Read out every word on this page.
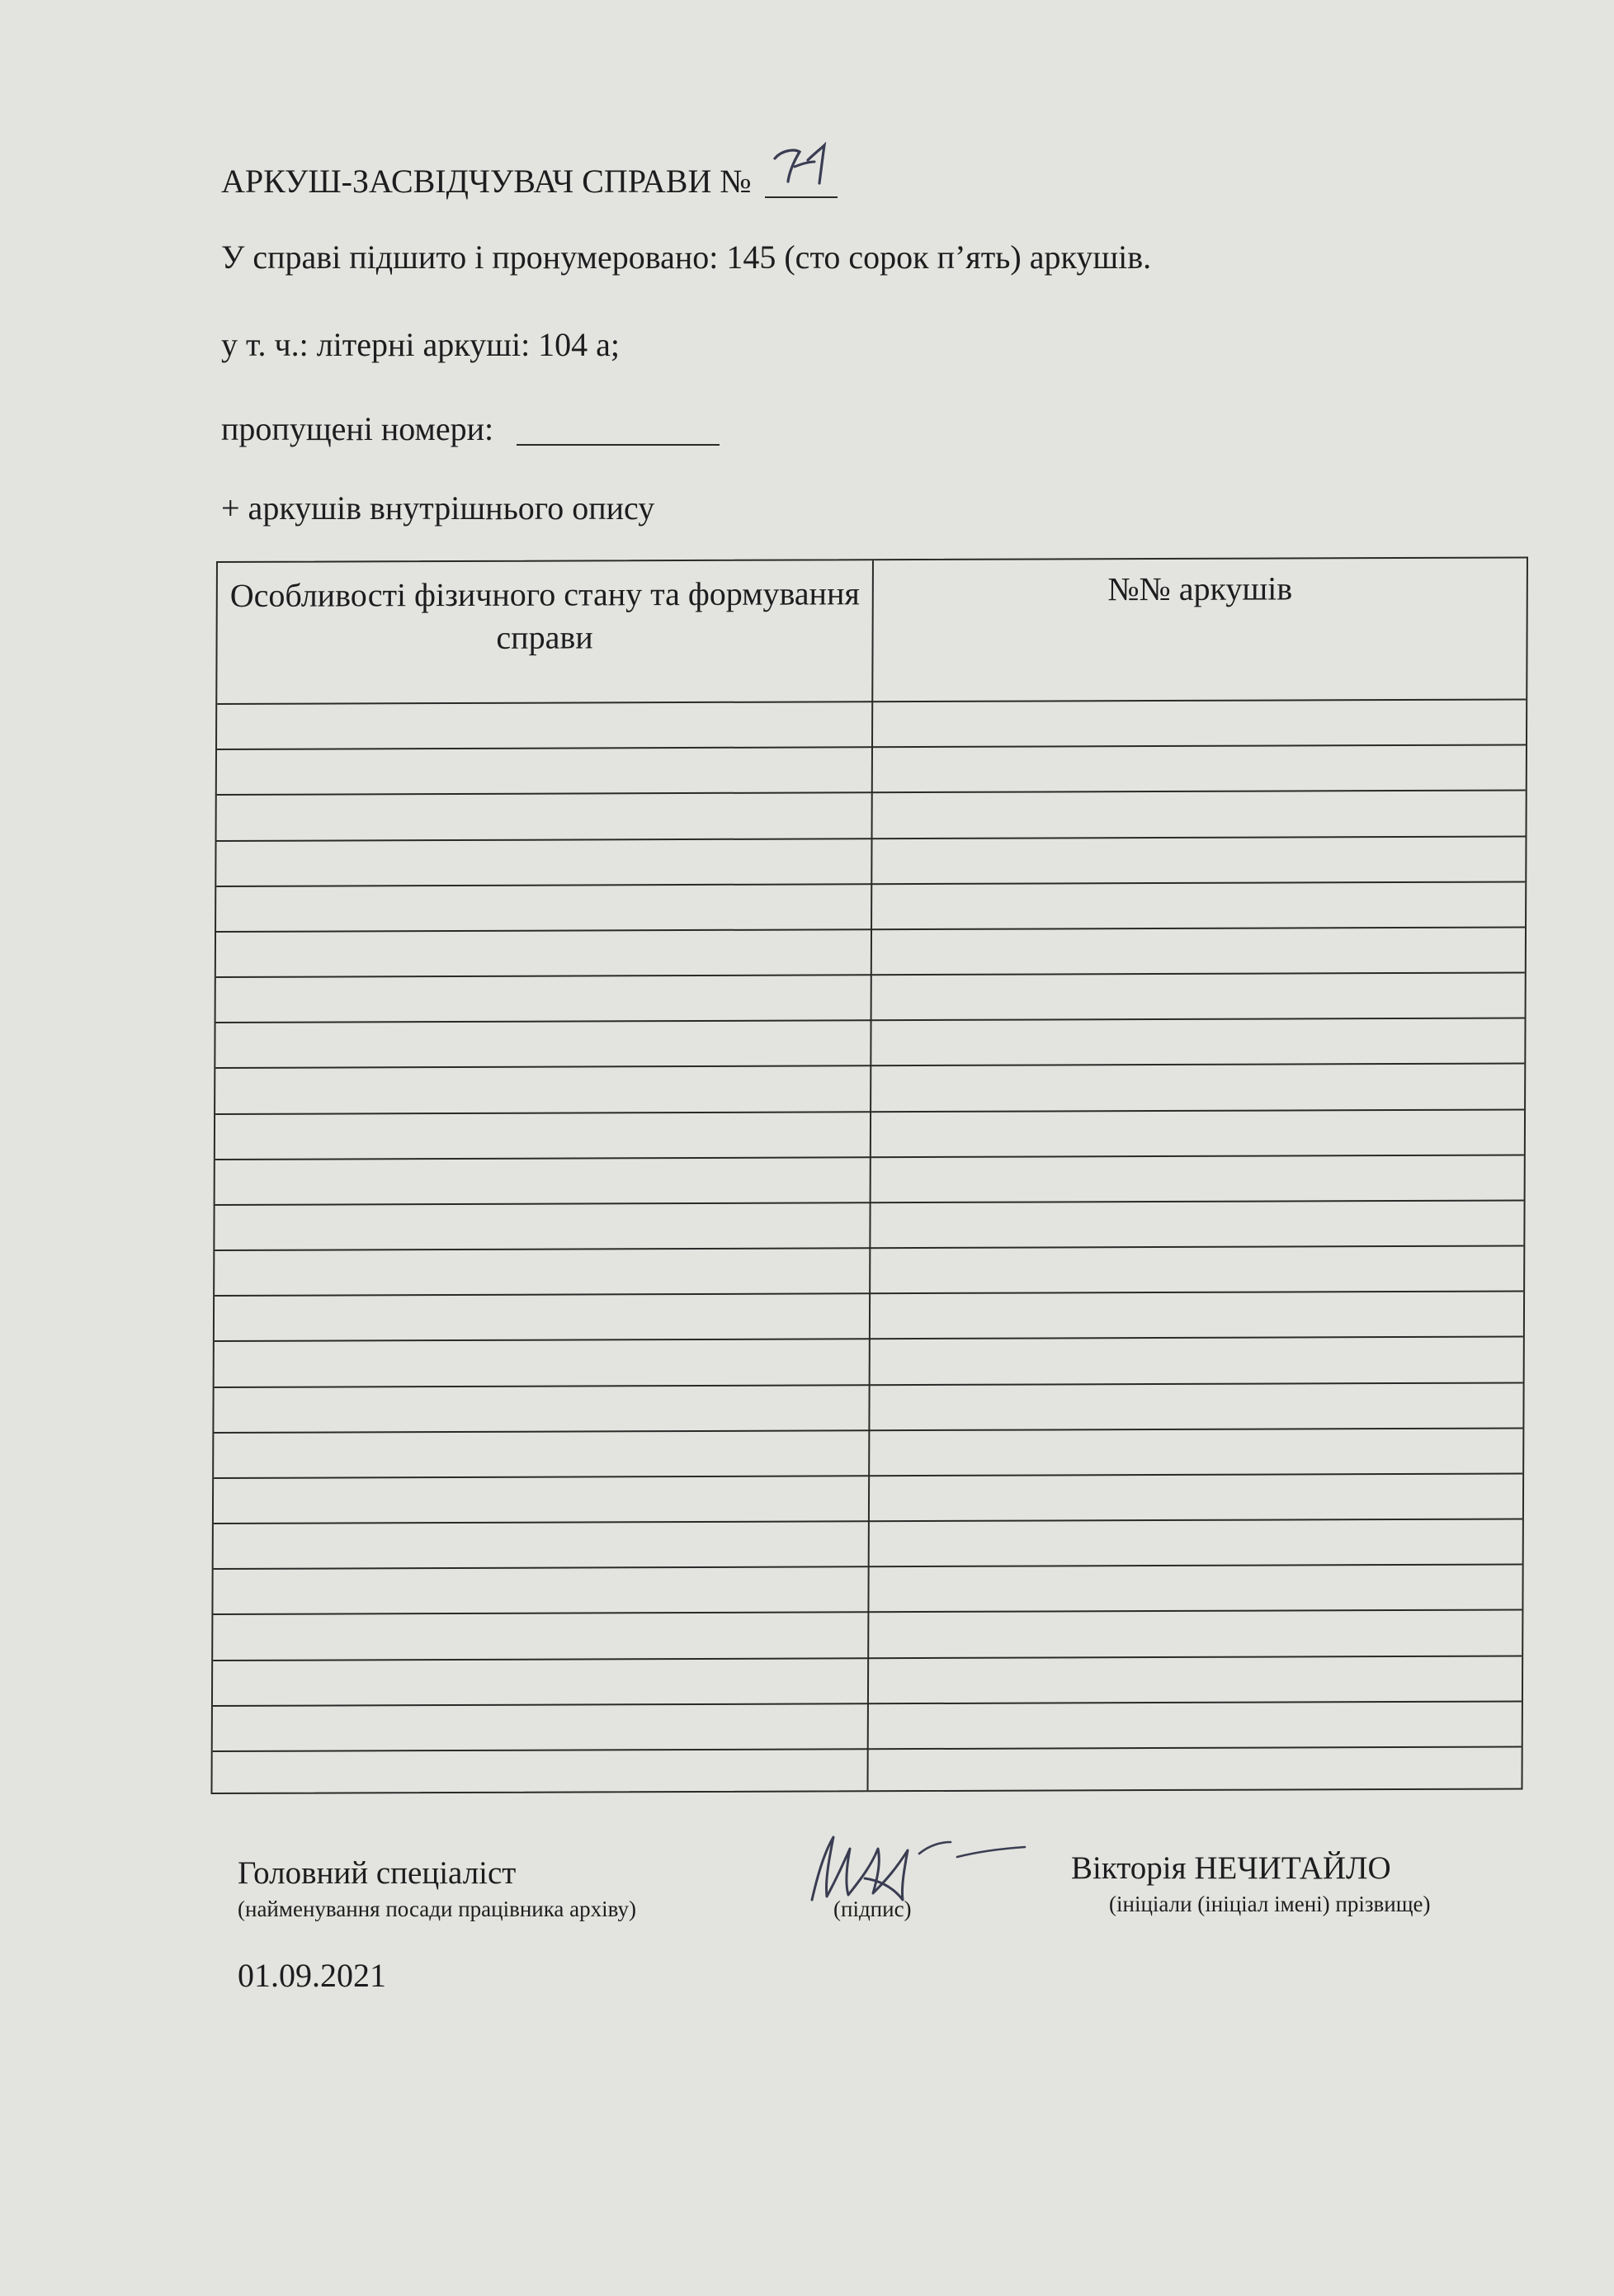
АРКУШ-ЗАСВІДЧУВАЧ СПРАВИ №
У справі підшито і пронумеровано: 145 (сто сорок п’ять) аркушів.
у т. ч.: літерні аркуші: 104 а;
пропущені номери:
+ аркушів внутрішнього опису
Особливості фізичного стану та формування справи
№№ аркушів
Головний спеціаліст
(найменування посади працівника архіву)	(підпис)
Вікторія НЕЧИТАЙЛО
(ініціали (ініціал імені) прізвище)
01.09.2021
